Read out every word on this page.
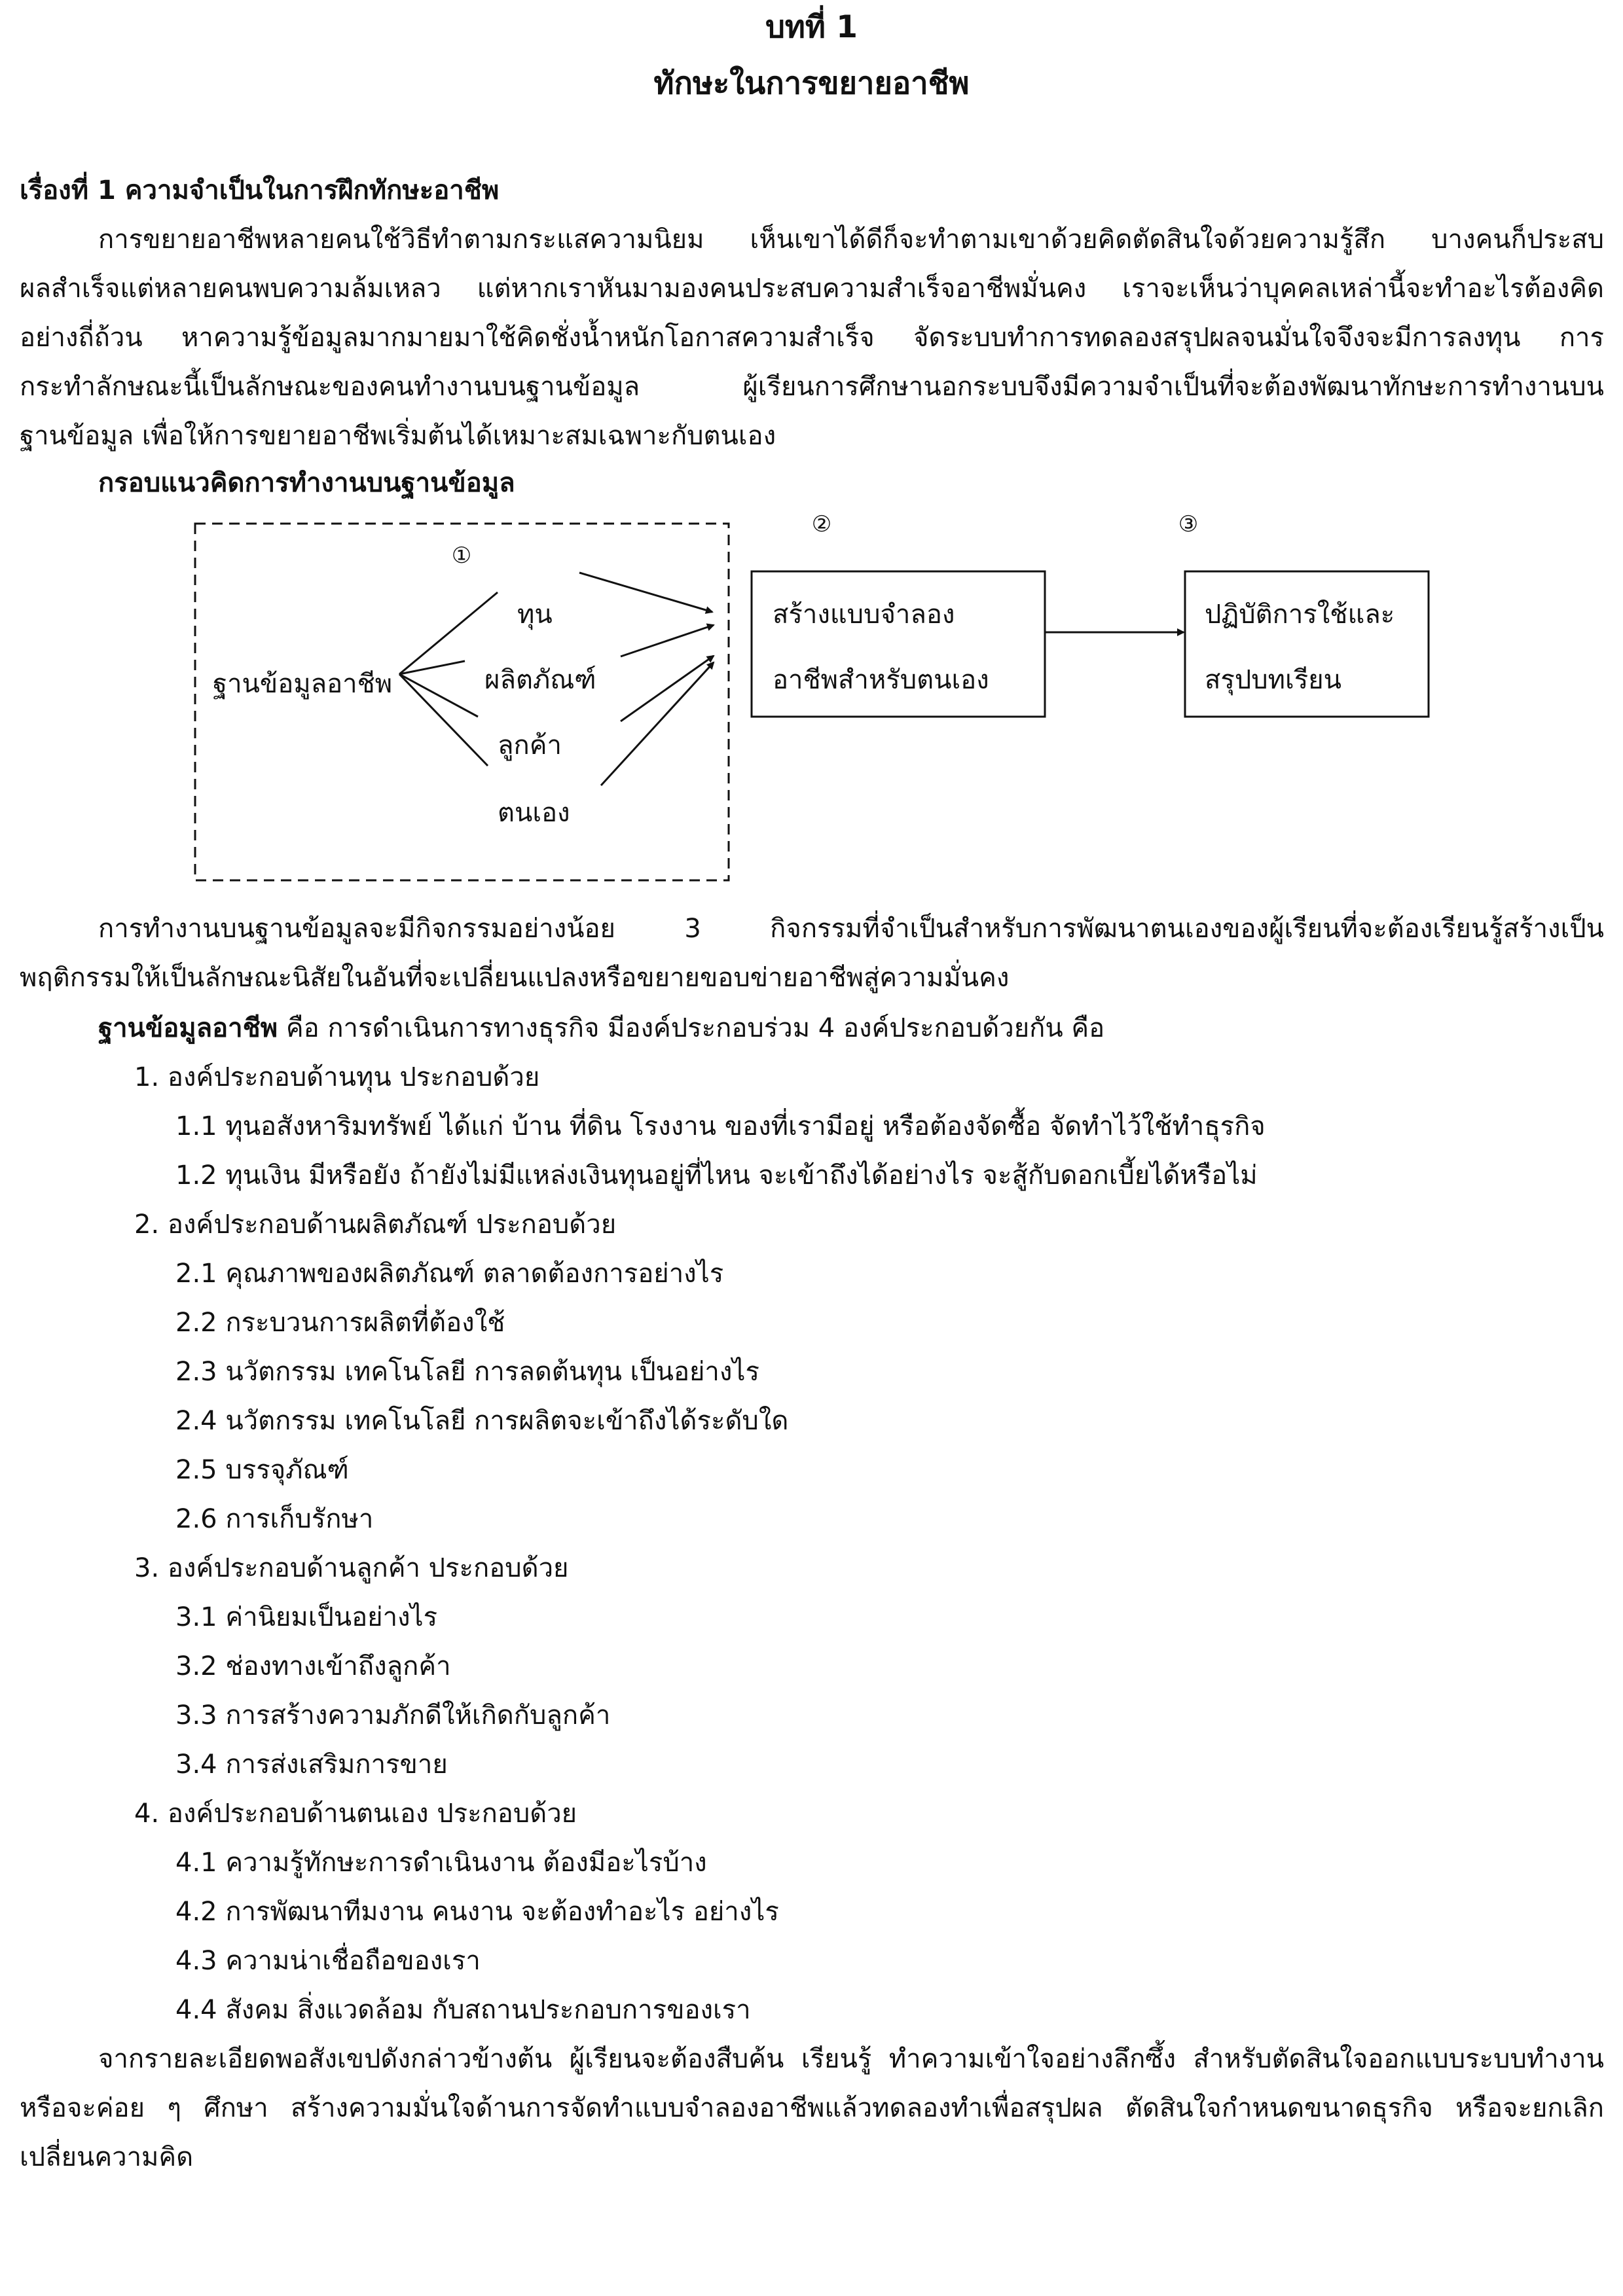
บทที่ 1
ทักษะในการขยายอาชีพ
เรื่องที่ 1 ความจำเป็นในการฝึกทักษะอาชีพ
การขยายอาชีพหลายคนใช้วิธีทำตามกระแสความนิยม เห็นเขาได้ดีก็จะทำตามเขาด้วยคิดตัดสินใจด้วยความรู้สึก บางคนก็ประสบ
ผลสำเร็จแต่หลายคนพบความล้มเหลว แต่หากเราหันมามองคนประสบความสำเร็จอาชีพมั่นคง เราจะเห็นว่าบุคคลเหล่านี้จะทำอะไรต้องคิด
อย่างถี่ถ้วน หาความรู้ข้อมูลมากมายมาใช้คิดชั่งน้ำหนักโอกาสความสำเร็จ จัดระบบทำการทดลองสรุปผลจนมั่นใจจึงจะมีการลงทุน การ
กระทำลักษณะนี้เป็นลักษณะของคนทำงานบนฐานข้อมูล ผู้เรียนการศึกษานอกระบบจึงมีความจำเป็นที่จะต้องพัฒนาทักษะการทำงานบน
ฐานข้อมูล เพื่อให้การขยายอาชีพเริ่มต้นได้เหมาะสมเฉพาะกับตนเอง
กรอบแนวคิดการทำงานบนฐานข้อมูล
①
②	③
ฐานข้อมูลอาชีพ
ทุน
ผลิตภัณฑ์
ลูกค้า
ตนเอง
สร้างแบบจำลอง
อาชีพสำหรับตนเอง
ปฏิบัติการใช้และ
สรุปบทเรียน
การทำงานบนฐานข้อมูลจะมีกิจกรรมอย่างน้อย 3 กิจกรรมที่จำเป็นสำหรับการพัฒนาตนเองของผู้เรียนที่จะต้องเรียนรู้สร้างเป็น
พฤติกรรมให้เป็นลักษณะนิสัยในอันที่จะเปลี่ยนแปลงหรือขยายขอบข่ายอาชีพสู่ความมั่นคง
ฐานข้อมูลอาชีพ คือ การดำเนินการทางธุรกิจ มีองค์ประกอบร่วม 4 องค์ประกอบด้วยกัน คือ
1. องค์ประกอบด้านทุน ประกอบด้วย
1.1 ทุนอสังหาริมทรัพย์ ได้แก่ บ้าน ที่ดิน โรงงาน ของที่เรามีอยู่ หรือต้องจัดซื้อ จัดทำไว้ใช้ทำธุรกิจ
1.2 ทุนเงิน มีหรือยัง ถ้ายังไม่มีแหล่งเงินทุนอยู่ที่ไหน จะเข้าถึงได้อย่างไร จะสู้กับดอกเบี้ยได้หรือไม่
2. องค์ประกอบด้านผลิตภัณฑ์ ประกอบด้วย
2.1 คุณภาพของผลิตภัณฑ์ ตลาดต้องการอย่างไร
2.2 กระบวนการผลิตที่ต้องใช้
2.3 นวัตกรรม เทคโนโลยี การลดต้นทุน เป็นอย่างไร
2.4 นวัตกรรม เทคโนโลยี การผลิตจะเข้าถึงได้ระดับใด
2.5 บรรจุภัณฑ์
2.6 การเก็บรักษา
3. องค์ประกอบด้านลูกค้า ประกอบด้วย
3.1 ค่านิยมเป็นอย่างไร
3.2 ช่องทางเข้าถึงลูกค้า
3.3 การสร้างความภักดีให้เกิดกับลูกค้า
3.4 การส่งเสริมการขาย
4. องค์ประกอบด้านตนเอง ประกอบด้วย
4.1 ความรู้ทักษะการดำเนินงาน ต้องมีอะไรบ้าง
4.2 การพัฒนาทีมงาน คนงาน จะต้องทำอะไร อย่างไร
4.3 ความน่าเชื่อถือของเรา
4.4 สังคม สิ่งแวดล้อม กับสถานประกอบการของเรา
จากรายละเอียดพอสังเขปดังกล่าวข้างต้น ผู้เรียนจะต้องสืบค้น เรียนรู้ ทำความเข้าใจอย่างลึกซึ้ง สำหรับตัดสินใจออกแบบระบบทำงาน
หรือจะค่อย ๆ ศึกษา สร้างความมั่นใจด้านการจัดทำแบบจำลองอาชีพแล้วทดลองทำเพื่อสรุปผล ตัดสินใจกำหนดขนาดธุรกิจ หรือจะยกเลิก
เปลี่ยนความคิด
